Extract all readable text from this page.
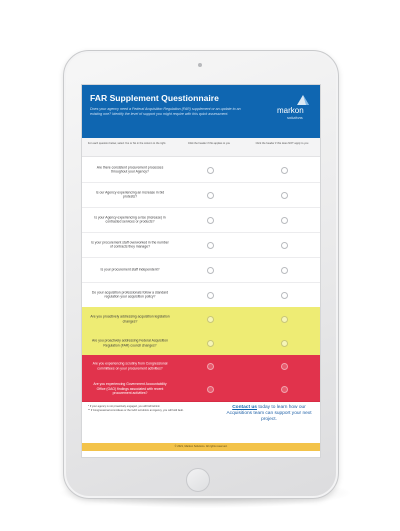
FAR Supplement Questionnaire
Does your agency need a Federal Acquisition Regulation (FAR) supplement or an update to an existing one? Identify the level of support you might require with this quick assessment.	markon
solutions
For each question below, select Yes or No in the column to the right.	Click the header if this applies to you	Click the header if this does NOT apply to you
Are there consistent procurement processes throughout your Agency?
Is our Agency experiencing an increase in bid protests?
Is your Agency experiencing a rise (increase) in contracted services or products?
Is your procurement staff overworked in the number of contracts they manage?
Is your procurement staff independent?
Do your acquisition professionals follow a standard regulation your acquisition policy?
Are you proactively addressing acquisition legislation changes?
Are you proactively addressing Federal Acquisition Regulation (FAR) council changes?
Are you experiencing scrutiny from Congressional committees on your procurement activities?
Are you experiencing Government Accountability Office (GAO) findings associated with recent procurement activities?
* If your agency is not proactively engaged, you will fall behind.
** If Congressional committees or the GAO scrutinize an Agency, you will hold fault.
Contact us today to learn how our Acquisitions team can support your next project.
© 2021, Markon Solutions. All rights reserved.
